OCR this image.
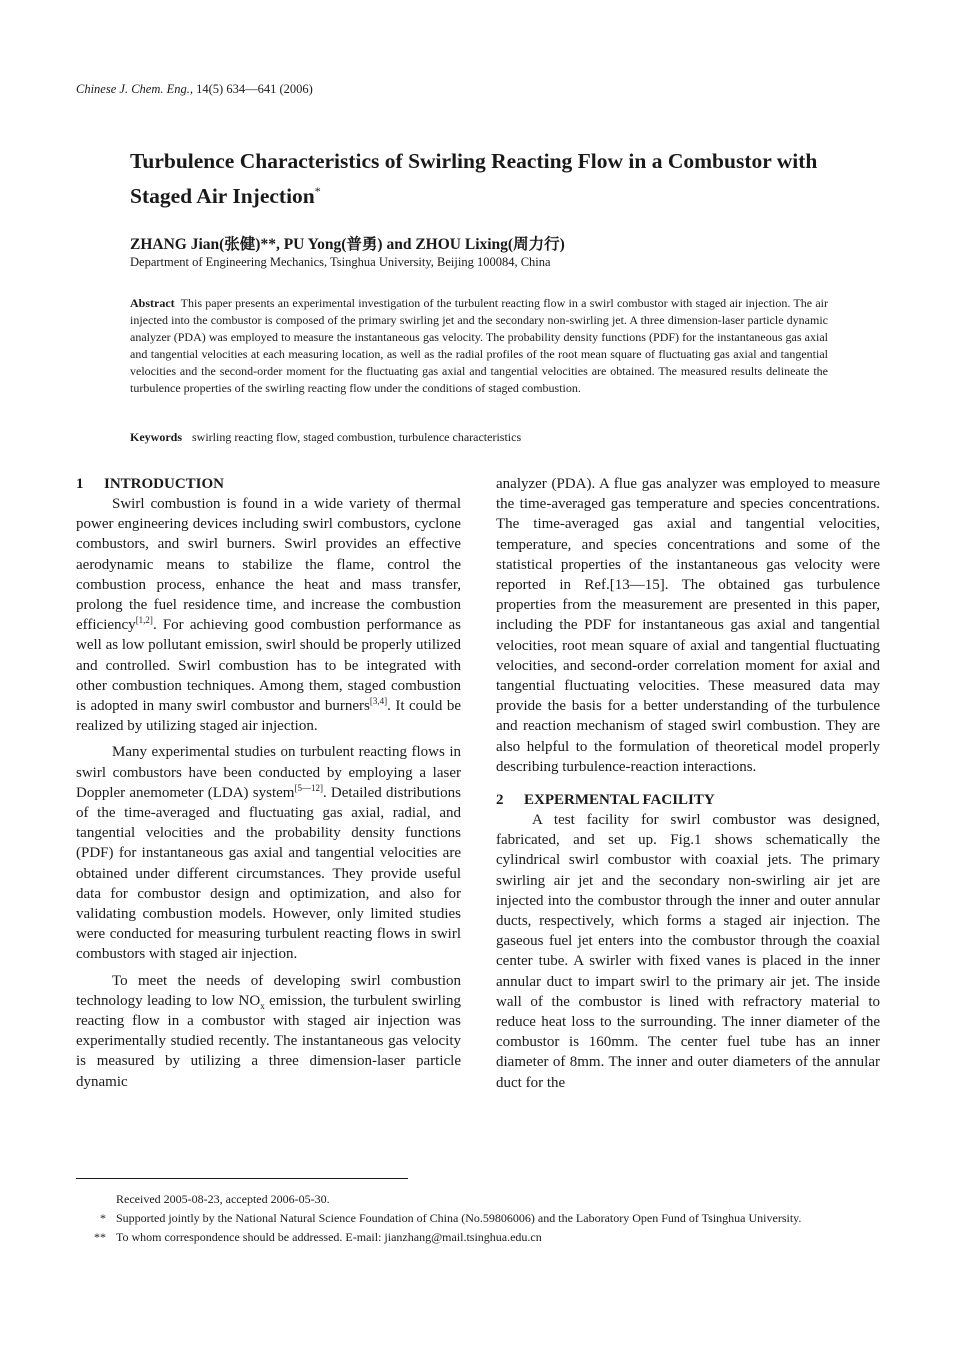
Chinese J. Chem. Eng., 14(5) 634—641 (2006)
Turbulence Characteristics of Swirling Reacting Flow in a Combustor with Staged Air Injection*
ZHANG Jian(张健)**, PU Yong(普勇) and ZHOU Lixing(周力行)
Department of Engineering Mechanics, Tsinghua University, Beijing 100084, China
Abstract This paper presents an experimental investigation of the turbulent reacting flow in a swirl combustor with staged air injection. The air injected into the combustor is composed of the primary swirling jet and the secondary non-swirling jet. A three dimension-laser particle dynamic analyzer (PDA) was employed to measure the instantaneous gas velocity. The probability density functions (PDF) for the instantaneous gas axial and tangential velocities at each measuring location, as well as the radial profiles of the root mean square of fluctuating gas axial and tangential velocities and the second-order moment for the fluctuating gas axial and tangential velocities are obtained. The measured results delineate the turbulence properties of the swirling reacting flow under the conditions of staged combustion.
Keywords swirling reacting flow, staged combustion, turbulence characteristics
1 INTRODUCTION

Swirl combustion is found in a wide variety of thermal power engineering devices including swirl combustors, cyclone combustors, and swirl burners. Swirl provides an effective aerodynamic means to stabilize the flame, control the combustion process, enhance the heat and mass transfer, prolong the fuel residence time, and increase the combustion efficiency[1,2]. For achieving good combustion performance as well as low pollutant emission, swirl should be properly utilized and controlled. Swirl combustion has to be integrated with other combustion techniques. Among them, staged combustion is adopted in many swirl combustor and burners[3,4]. It could be realized by utilizing staged air injection.

Many experimental studies on turbulent reacting flows in swirl combustors have been conducted by employing a laser Doppler anemometer (LDA) system[5—12]. Detailed distributions of the time-averaged and fluctuating gas axial, radial, and tangential velocities and the probability density functions (PDF) for instantaneous gas axial and tangential velocities are obtained under different circumstances. They provide useful data for combustor design and optimization, and also for validating combustion models. However, only limited studies were conducted for measuring turbulent reacting flows in swirl combustors with staged air injection.

To meet the needs of developing swirl combustion technology leading to low $NO_x$ emission, the turbulent swirling reacting flow in a combustor with staged air injection was experimentally studied recently. The instantaneous gas velocity is measured by utilizing a three dimension-laser particle dynamic

analyzer (PDA). A flue gas analyzer was employed to measure the time-averaged gas temperature and species concentrations. The time-averaged gas axial and tangential velocities, temperature, and species concentrations and some of the statistical properties of the instantaneous gas velocity were reported in Ref.[13—15]. The obtained gas turbulence properties from the measurement are presented in this paper, including the PDF for instantaneous gas axial and tangential velocities, root mean square of axial and tangential fluctuating velocities, and second-order correlation moment for axial and tangential fluctuating velocities. These measured data may provide the basis for a better understanding of the turbulence and reaction mechanism of staged swirl combustion. They are also helpful to the formulation of theoretical model properly describing turbulence-reaction interactions.

2 EXPERMENTAL FACILITY

A test facility for swirl combustor was designed, fabricated, and set up. Fig.1 shows schematically the cylindrical swirl combustor with coaxial jets. The primary swirling air jet and the secondary non-swirling air jet are injected into the combustor through the inner and outer annular ducts, respectively, which forms a staged air injection. The gaseous fuel jet enters into the combustor through the coaxial center tube. A swirler with fixed vanes is placed in the inner annular duct to impart swirl to the primary air jet. The inside wall of the combustor is lined with refractory material to reduce heat loss to the surrounding. The inner diameter of the combustor is 160mm. The center fuel tube has an inner diameter of 8mm. The inner and outer diameters of the annular duct for the

Received 2005-08-23, accepted 2006-05-30.
* Supported jointly by the National Natural Science Foundation of China (No.59806006) and the Laboratory Open Fund of Tsinghua University.
** To whom correspondence should be addressed. E-mail: jianzhang@mail.tsinghua.edu.cn
